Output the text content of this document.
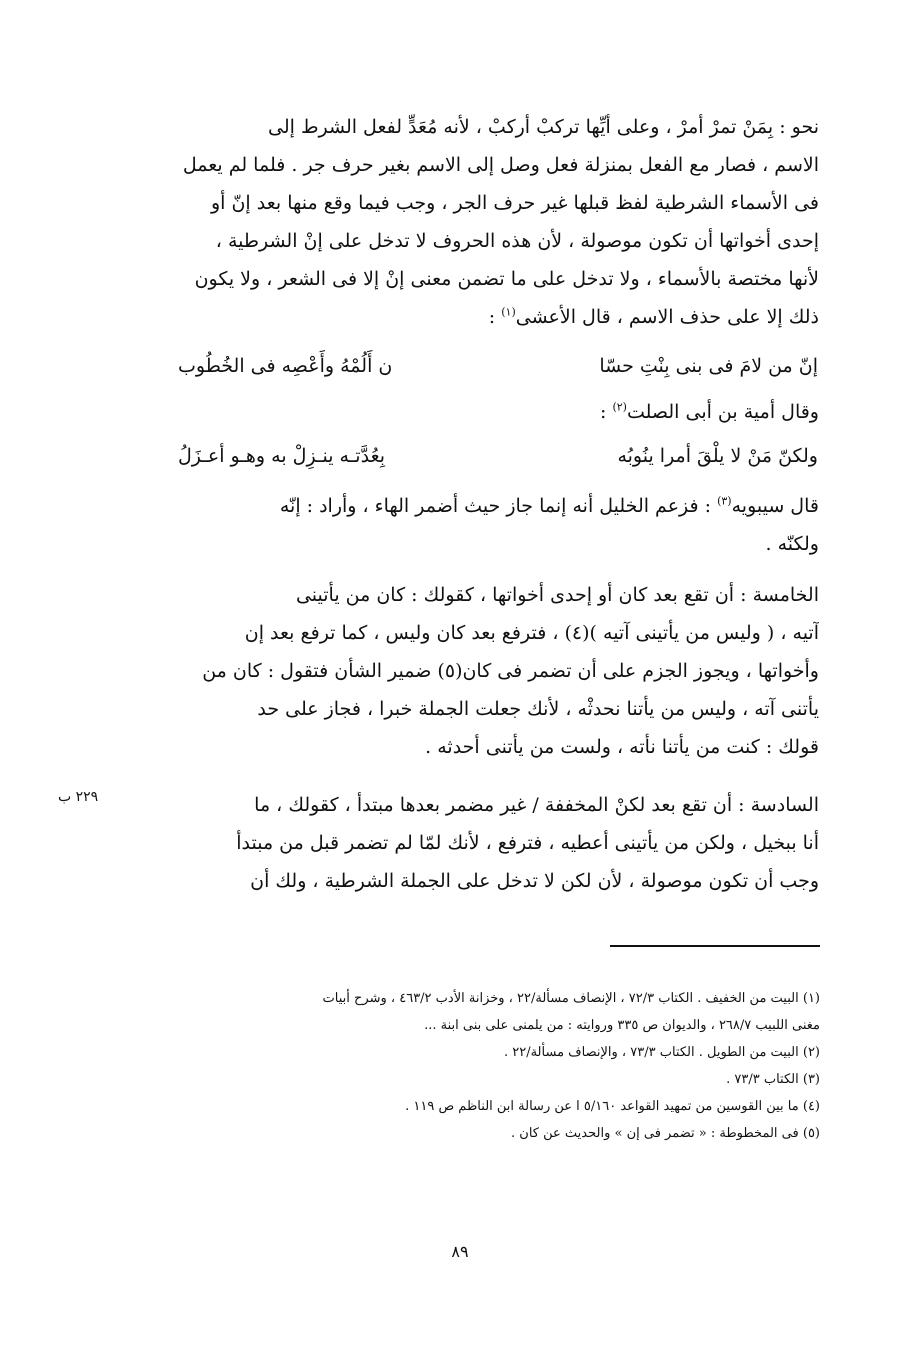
نحو : بِمَنْ تمرْ أمرْ ، وعلى أيِّها تركبْ أركبْ ، لأنه مُعَدٍّ لفعل الشرط إلى
الاسم ، فصار مع الفعل بمنزلة فعل وصل إلى الاسم بغير حرف جر . فلما لم يعمل
فى الأسماء الشرطية لفظ قبلها غير حرف الجر ، وجب فيما وقع منها بعد إنّ أو
إحدى أخواتها أن تكون موصولة ، لأن هذه الحروف لا تدخل على إنْ الشرطية ،
لأنها مختصة بالأسماء ، ولا تدخل على ما تضمن معنى إنْ إلا فى الشعر ، ولا يكون
ذلك إلا على حذف الاسم ، قال الأعشى$^{(١)}$ :
إنّ من لامَ فى بنى بِنْتِ حسّا
ن أَلُمْهُ وأَعْصِه فى الخُطُوب
وقال أمية بن أبى الصلت$^{(٢)}$ :
ولكنّ مَنْ لا يلْقَ أمرا ينُوبُه
بِعُدَّتـه ينـزِلْ به وهـو أعـزَلُ
قال سيبويه$^{(٣)}$ : فزعم الخليل أنه إنما جاز حيث أضمر الهاء ، وأراد : إنّه
ولكنّه .
الخامسة : أن تقع بعد كان أو إحدى أخواتها ، كقولك : كان من يأتينى
آتيه ، ( وليس من يأتينى آتيه )(٤) ، فترفع بعد كان وليس ، كما ترفع بعد إن
وأخواتها ، ويجوز الجزم على أن تضمر فى كان(٥) ضمير الشأن فتقول : كان من
يأتنى آته ، وليس من يأتنا نحدثْه ، لأنك جعلت الجملة خبرا ، فجاز على حد
قولك : كنت من يأتنا نأته ، ولست من يأتنى أحدثه .
٢٢٩ ب	السادسة : أن تقع بعد لكنْ المخففة / غير مضمر بعدها مبتدأ ، كقولك ، ما
أنا ببخيل ، ولكن من يأتينى أعطيه ، فترفع ، لأنك لمّا لم تضمر قبل من مبتدأ
وجب أن تكون موصولة ، لأن لكن لا تدخل على الجملة الشرطية ، ولك أن
(١) البيت من الخفيف . الكتاب ٧٢/٣ ، الإنصاف مسألة/٢٢ ، وخزانة الأدب ٤٦٣/٢ ، وشرح أبيات
مغنى اللبيب ٢٦٨/٧ ، والديوان ص ٣٣٥ وروايته : من يلمنى على بنى ابنة ...
(٢) البيت من الطويل . الكتاب ٧٣/٣ ، والإنصاف مسألة/٢٢ .
(٣) الكتاب ٧٣/٣ .
(٤) ما بين القوسين من تمهيد القواعد ٥/١٦٠ ا عن رسالة ابن الناظم ص ١١٩ .
(٥) فى المخطوطة : « تضمر فى إن » والحديث عن كان .
٨٩
